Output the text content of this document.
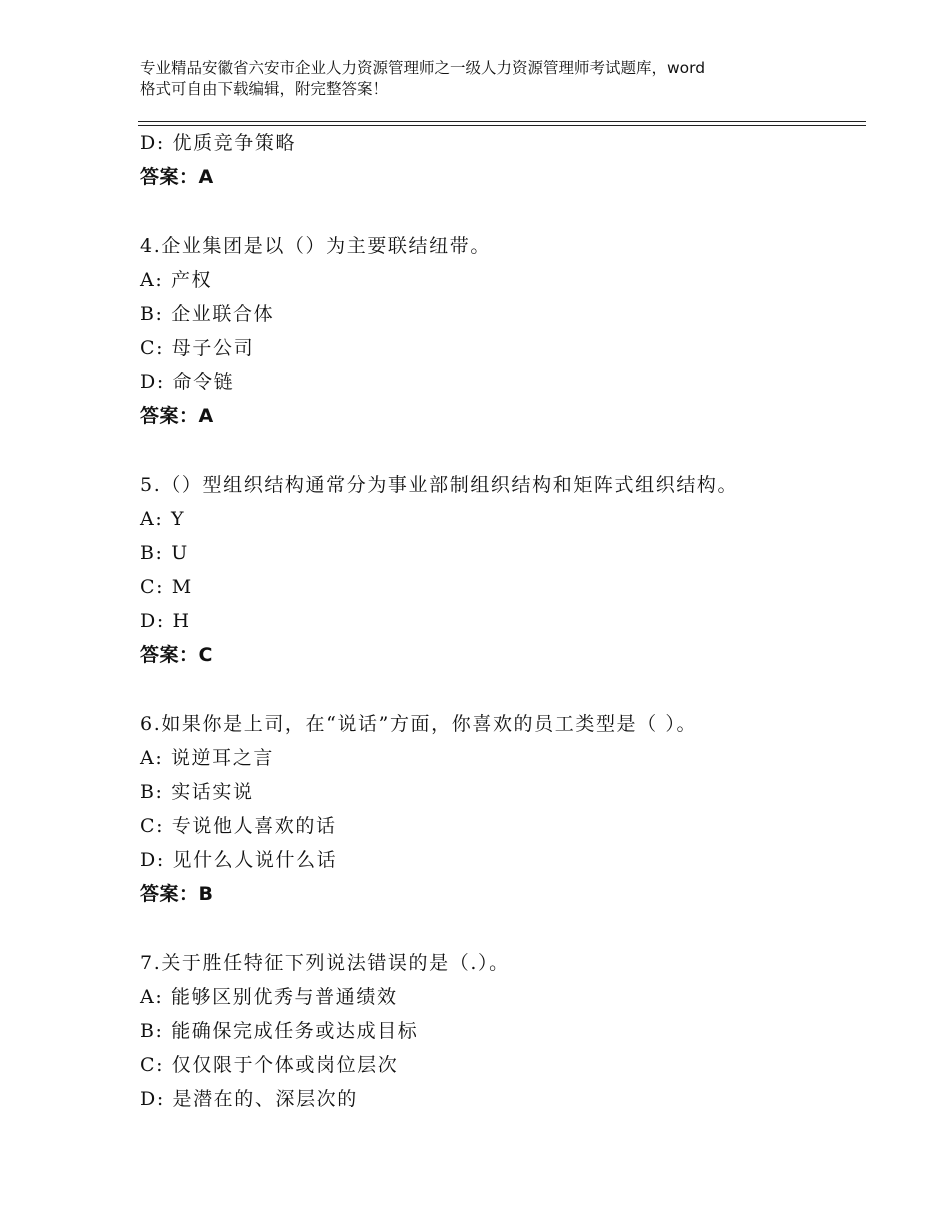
专业精品安徽省六安市企业人力资源管理师之一级人力资源管理师考试题库，word
格式可自由下载编辑，附完整答案！
D: 优质竞争策略
答案：A
4.企业集团是以（）为主要联结纽带。
A: 产权
B: 企业联合体
C: 母子公司
D: 命令链
答案：A
5.（）型组织结构通常分为事业部制组织结构和矩阵式组织结构。
A: Y
B: U
C: M
D: H
答案：C
6.如果你是上司，在“说话”方面，你喜欢的员工类型是（ ）。
A: 说逆耳之言
B: 实话实说
C: 专说他人喜欢的话
D: 见什么人说什么话
答案：B
7.关于胜任特征下列说法错误的是（.）。
A: 能够区别优秀与普通绩效
B: 能确保完成任务或达成目标
C: 仅仅限于个体或岗位层次
D: 是潜在的、深层次的
